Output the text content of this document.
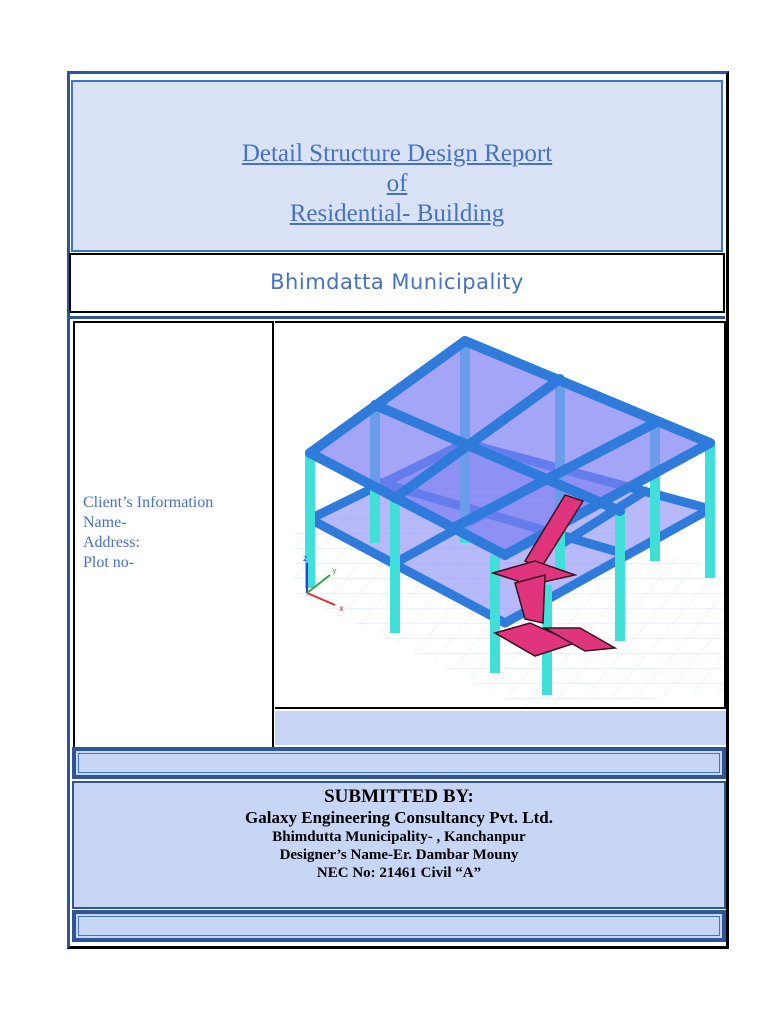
Detail Structure Design Report
of
Residential- Building
Bhimdatta Municipality
Client’s Information
Name-
Address:
Plot no-	z
x
y
SUBMITTED BY:
Galaxy Engineering Consultancy Pvt. Ltd.
Bhimdutta Municipality- , Kanchanpur
Designer’s Name-Er. Dambar Mouny
NEC No: 21461 Civil “A”
